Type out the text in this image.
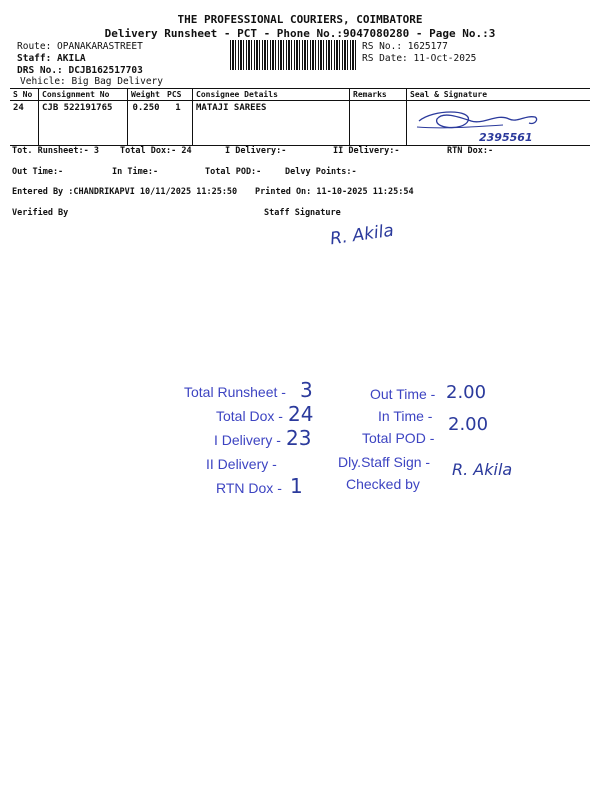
THE PROFESSIONAL COURIERS, COIMBATORE
Delivery Runsheet - PCT - Phone No.:9047080280 - Page No.:3
Route: OPANAKARASTREET
Staff: AKILA
DRS No.: DCJB162517703
Vehicle: Big Bag Delivery
RS No.: 1625177
RS Date: 11-Oct-2025
S No	Consignment No	Weight	PCS	Consignee Details	Remarks	Seal & Signature
24	CJB 522191765	0.250	1	MATAJI SAREES		2395561
Tot. Runsheet:- 3 Total Dox:- 24	I Delivery:-	II Delivery:-	RTN Dox:-
Out Time:-	In Time:-	Total POD:-	Delvy Points:-
Entered By :CHANDRIKAPVI 10/11/2025 11:25:50 Printed On: 11-10-2025 11:25:54
Verified By	Staff Signature
R. Akila
Total Runsheet - 3
Total Dox - 24
I Delivery - 23
II Delivery -
RTN Dox - 1
Out Time - 2.00
In Time - 2.00
Total POD -
Dly.Staff Sign - R. Akila
Checked by
